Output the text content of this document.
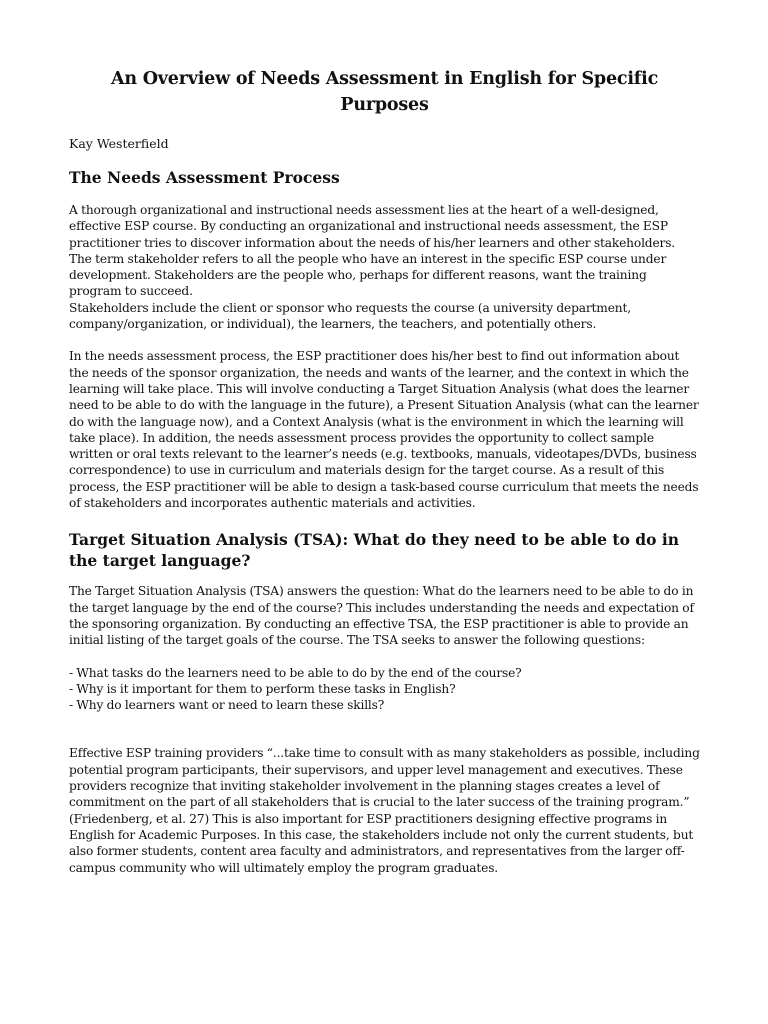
An Overview of Needs Assessment in English for Specific Purposes
Kay Westerfield
The Needs Assessment Process

A thorough organizational and instructional needs assessment lies at the heart of a well-designed, effective ESP course. By conducting an organizational and instructional needs assessment, the ESP practitioner tries to discover information about the needs of his/her learners and other stakeholders. The term stakeholder refers to all the people who have an interest in the specific ESP course under development. Stakeholders are the people who, perhaps for different reasons, want the training program to succeed.

Stakeholders include the client or sponsor who requests the course (a university department, company/organization, or individual), the learners, the teachers, and potentially others.

In the needs assessment process, the ESP practitioner does his/her best to find out information about the needs of the sponsor organization, the needs and wants of the learner, and the context in which the learning will take place. This will involve conducting a Target Situation Analysis (what does the learner need to be able to do with the language in the future), a Present Situation Analysis (what can the learner do with the language now), and a Context Analysis (what is the environment in which the learning will take place). In addition, the needs assessment process provides the opportunity to collect sample written or oral texts relevant to the learner’s needs (e.g. textbooks, manuals, videotapes/DVDs, business correspondence) to use in curriculum and materials design for the target course. As a result of this process, the ESP practitioner will be able to design a task-based course curriculum that meets the needs of stakeholders and incorporates authentic materials and activities.

Target Situation Analysis (TSA): What do they need to be able to do in the target language?

The Target Situation Analysis (TSA) answers the question: What do the learners need to be able to do in the target language by the end of the course? This includes understanding the needs and expectation of the sponsoring organization. By conducting an effective TSA, the ESP practitioner is able to provide an initial listing of the target goals of the course. The TSA seeks to answer the following questions:

- What tasks do the learners need to be able to do by the end of the course?
- Why is it important for them to perform these tasks in English?
- Why do learners want or need to learn these skills?

Effective ESP training providers “...take time to consult with as many stakeholders as possible, including potential program participants, their supervisors, and upper level management and executives. These providers recognize that inviting stakeholder involvement in the planning stages creates a level of commitment on the part of all stakeholders that is crucial to the later success of the training program.” (Friedenberg, et al. 27) This is also important for ESP practitioners designing effective programs in English for Academic Purposes. In this case, the stakeholders include not only the current students, but also former students, content area faculty and administrators, and representatives from the larger off-campus community who will ultimately employ the program graduates.
